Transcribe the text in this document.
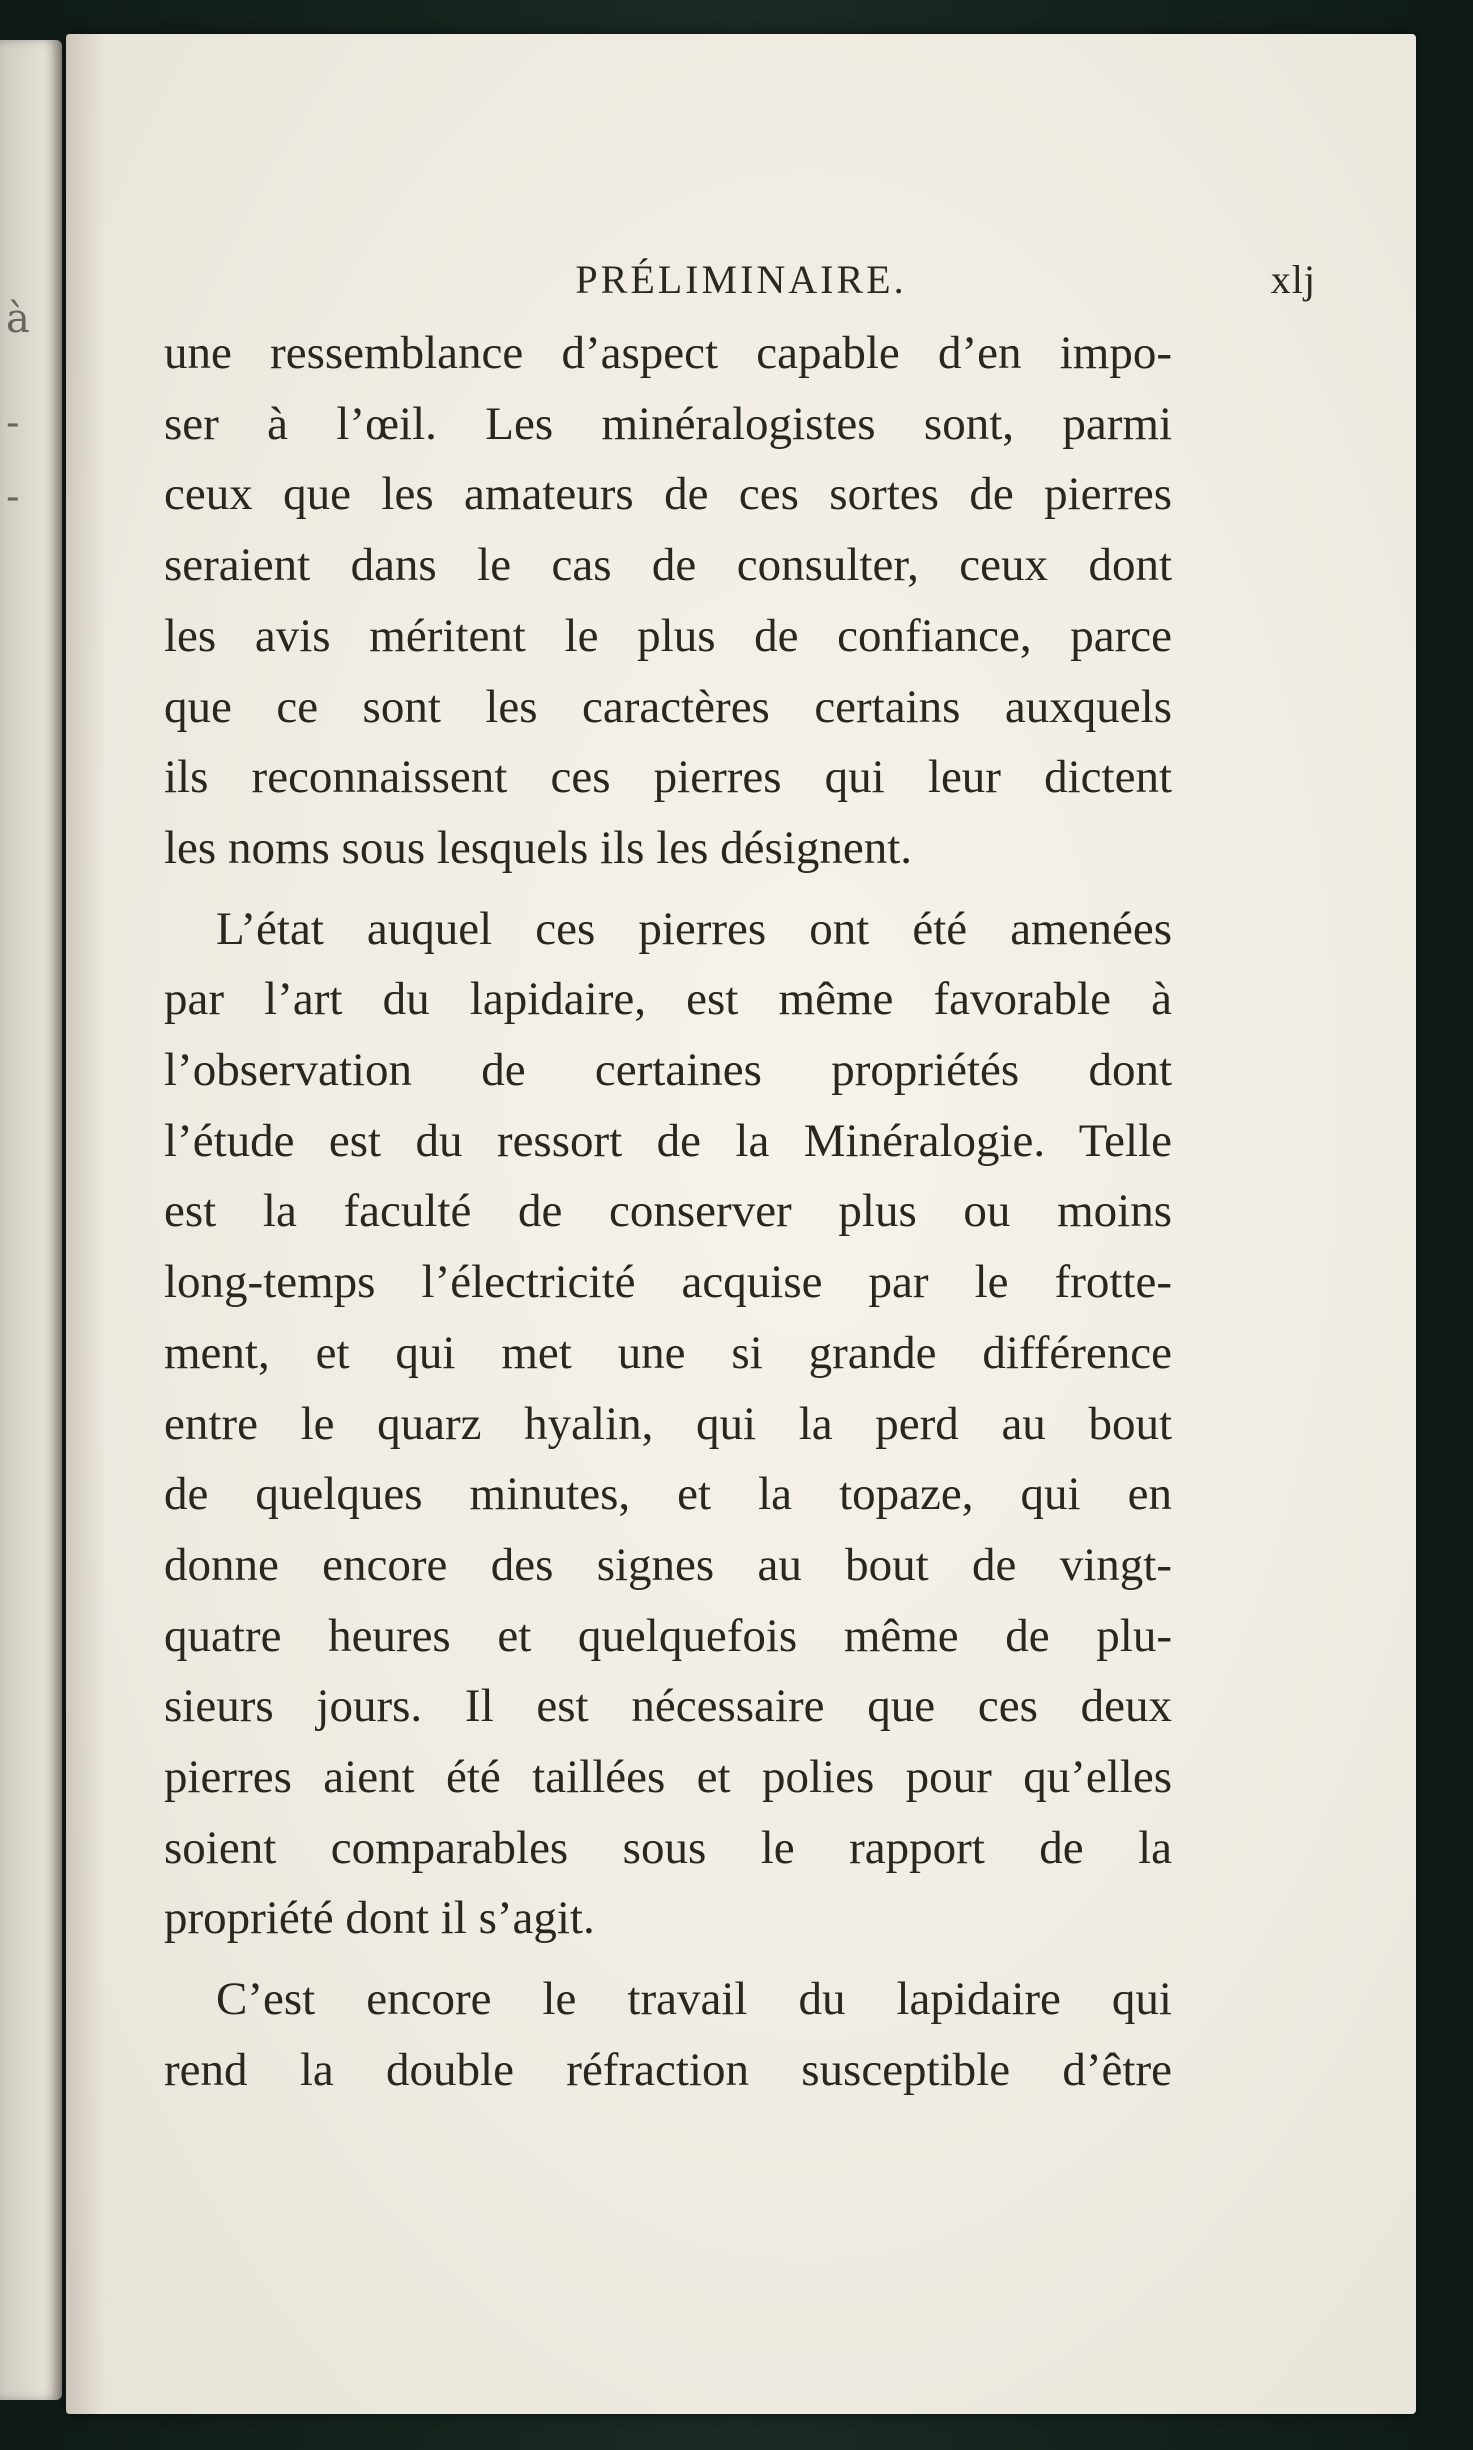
à
-
-
PRÉLIMINAIRE.	xlj
une ressemblance d’aspect capable d’en impo-
ser à l’œil. Les minéralogistes sont, parmi
ceux que les amateurs de ces sortes de pierres
seraient dans le cas de consulter, ceux dont
les avis méritent le plus de confiance, parce
que ce sont les caractères certains auxquels
ils reconnaissent ces pierres qui leur dictent
les noms sous lesquels ils les désignent.
L’état auquel ces pierres ont été amenées
par l’art du lapidaire, est même favorable à
l’observation de certaines propriétés dont
l’étude est du ressort de la Minéralogie. Telle
est la faculté de conserver plus ou moins
long-temps l’électricité acquise par le frotte-
ment, et qui met une si grande différence
entre le quarz hyalin, qui la perd au bout
de quelques minutes, et la topaze, qui en
donne encore des signes au bout de vingt-
quatre heures et quelquefois même de plu-
sieurs jours. Il est nécessaire que ces deux
pierres aient été taillées et polies pour qu’elles
soient comparables sous le rapport de la
propriété dont il s’agit.
C’est encore le travail du lapidaire qui
rend la double réfraction susceptible d’être
